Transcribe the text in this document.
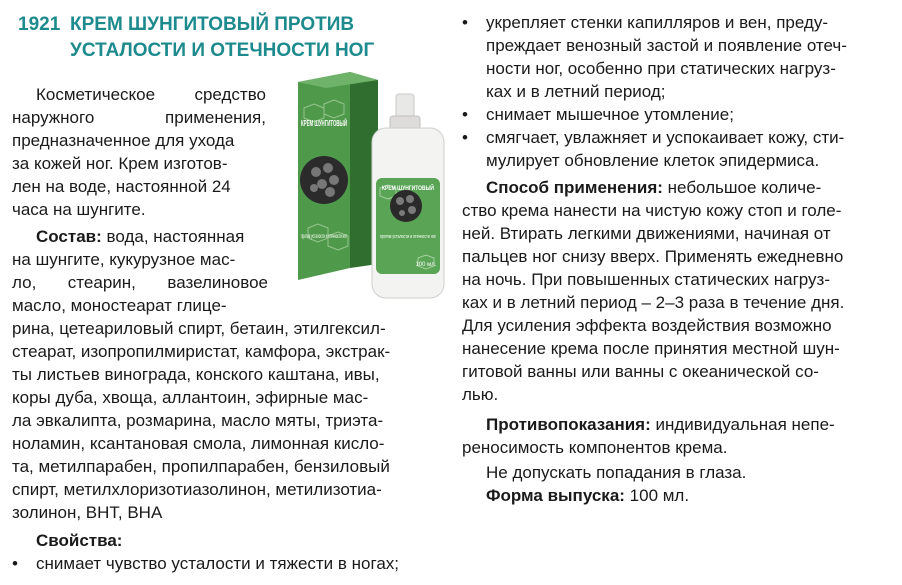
1921 КРЕМ ШУНГИТОВЫЙ ПРОТИВ
УСТАЛОСТИ И ОТЕЧНОСТИ НОГ
КРЕМ ШУНГИТОВЫЙ
против усталости и отечности ног
КРЕМ ШУНГИТОВЫЙ
против усталости и отечности ног
100 мл.
Косметическое средство
наружного применения,
предназначенное для ухода
за кожей ног. Крем изготов-
лен на воде, настоянной 24
часа на шунгите.
Состав: вода, настоянная
на шунгите, кукурузное мас-
ло, стеарин, вазелиновое
масло, моностеарат глице-
рина, цетеариловый спирт, бетаин, этилгексил-
стеарат, изопропилмиристат, камфора, экстрак-
ты листьев винограда, конского каштана, ивы,
коры дуба, хвоща, аллантоин, эфирные мас-
ла эвкалипта, розмарина, масло мяты, триэта-
ноламин, ксантановая смола, лимонная кисло-
та, метилпарабен, пропилпарабен, бензиловый
спирт, метилхлоризотиазолинон, метилизотиа-
золинон, BHT, BHA
Свойства:
• снимает чувство усталости и тяжести в ногах;
• укрепляет стенки капилляров и вен, преду-
преждает венозный застой и появление отеч-
ности ног, особенно при статических нагруз-
ках и в летний период;
• снимает мышечное утомление;
• смягчает, увлажняет и успокаивает кожу, сти-
мулирует обновление клеток эпидермиса.
Способ применения: небольшое количе-
ство крема нанести на чистую кожу стоп и голе-
ней. Втирать легкими движениями, начиная от
пальцев ног снизу вверх. Применять ежедневно
на ночь. При повышенных статических нагруз-
ках и в летний период – 2–3 раза в течение дня.
Для усиления эффекта воздействия возможно
нанесение крема после принятия местной шун-
гитовой ванны или ванны с океанической со-
лью.
Противопоказания: индивидуальная непе-
реносимость компонентов крема.
Не допускать попадания в глаза.
Форма выпуска: 100 мл.
